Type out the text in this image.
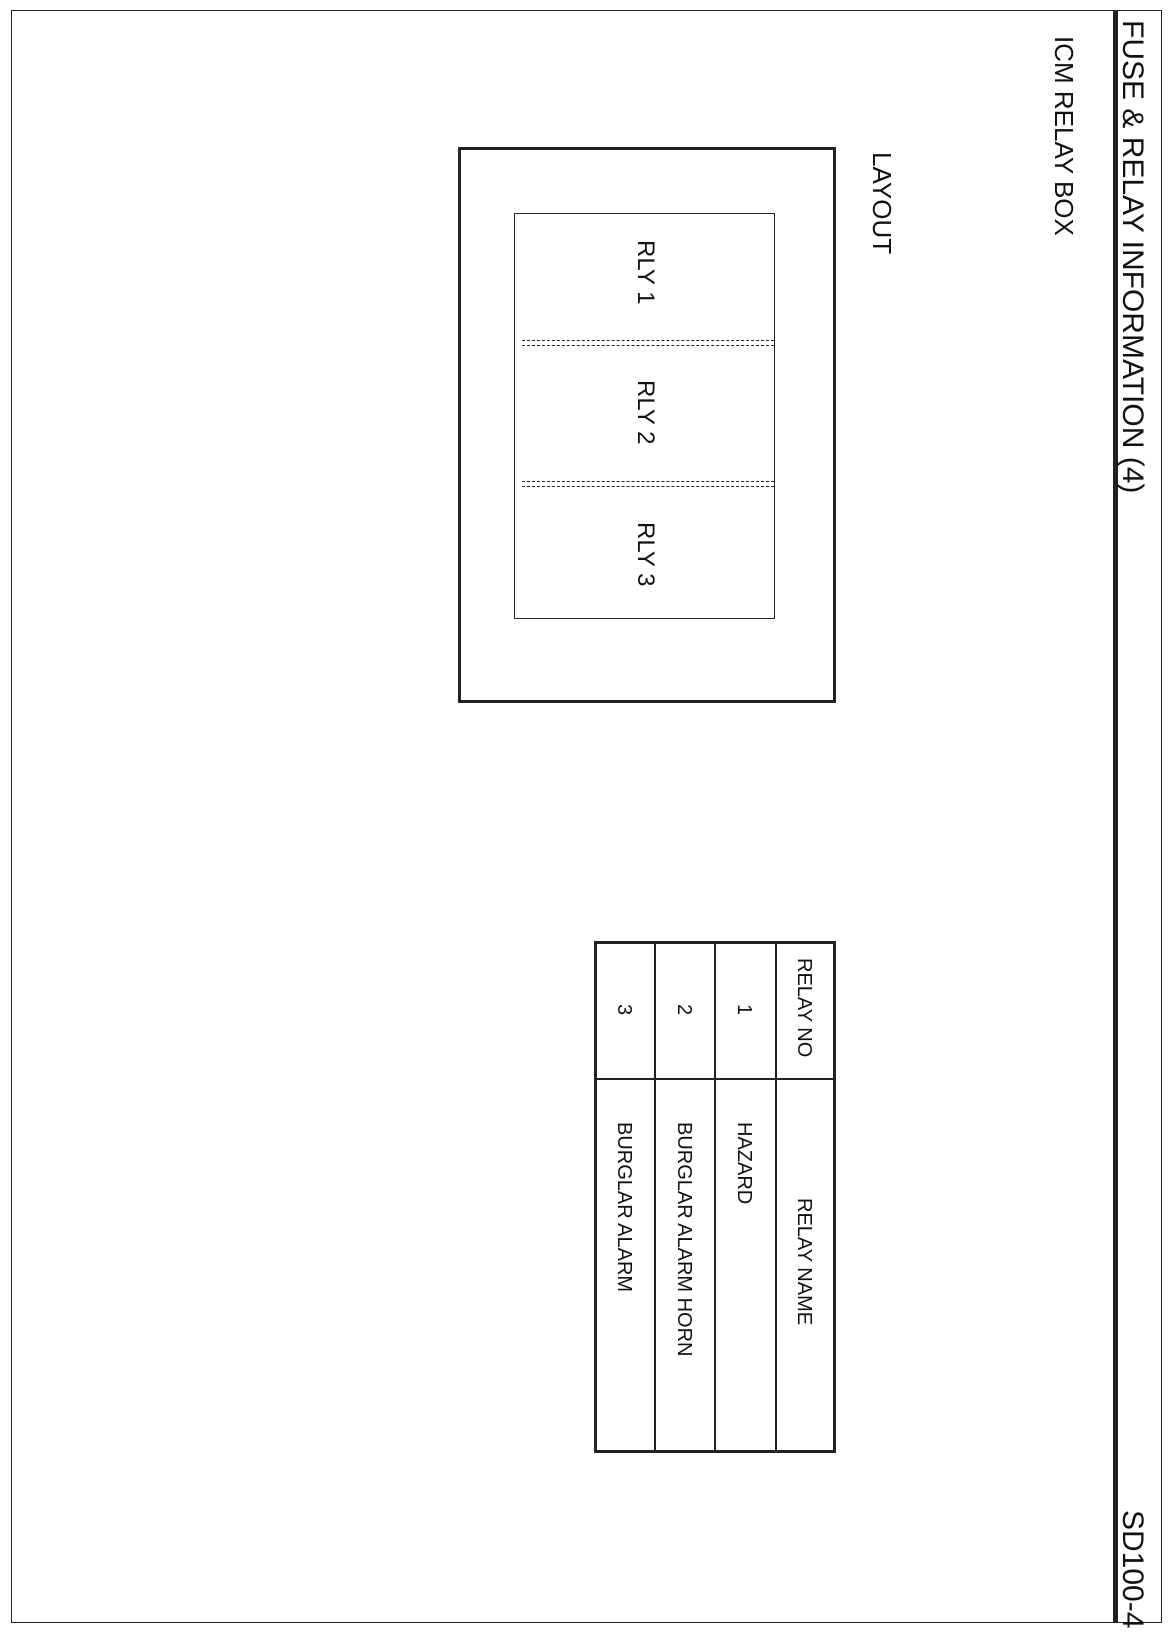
FUSE & RELAY INFORMATION (4)
SD100-4
ICM RELAY BOX
LAYOUT
RLY 1
RLY 2
RLY 3
RELAY NO
RELAY NAME
1
HAZARD
2
BURGLAR ALARM HORN
3
BURGLAR ALARM
